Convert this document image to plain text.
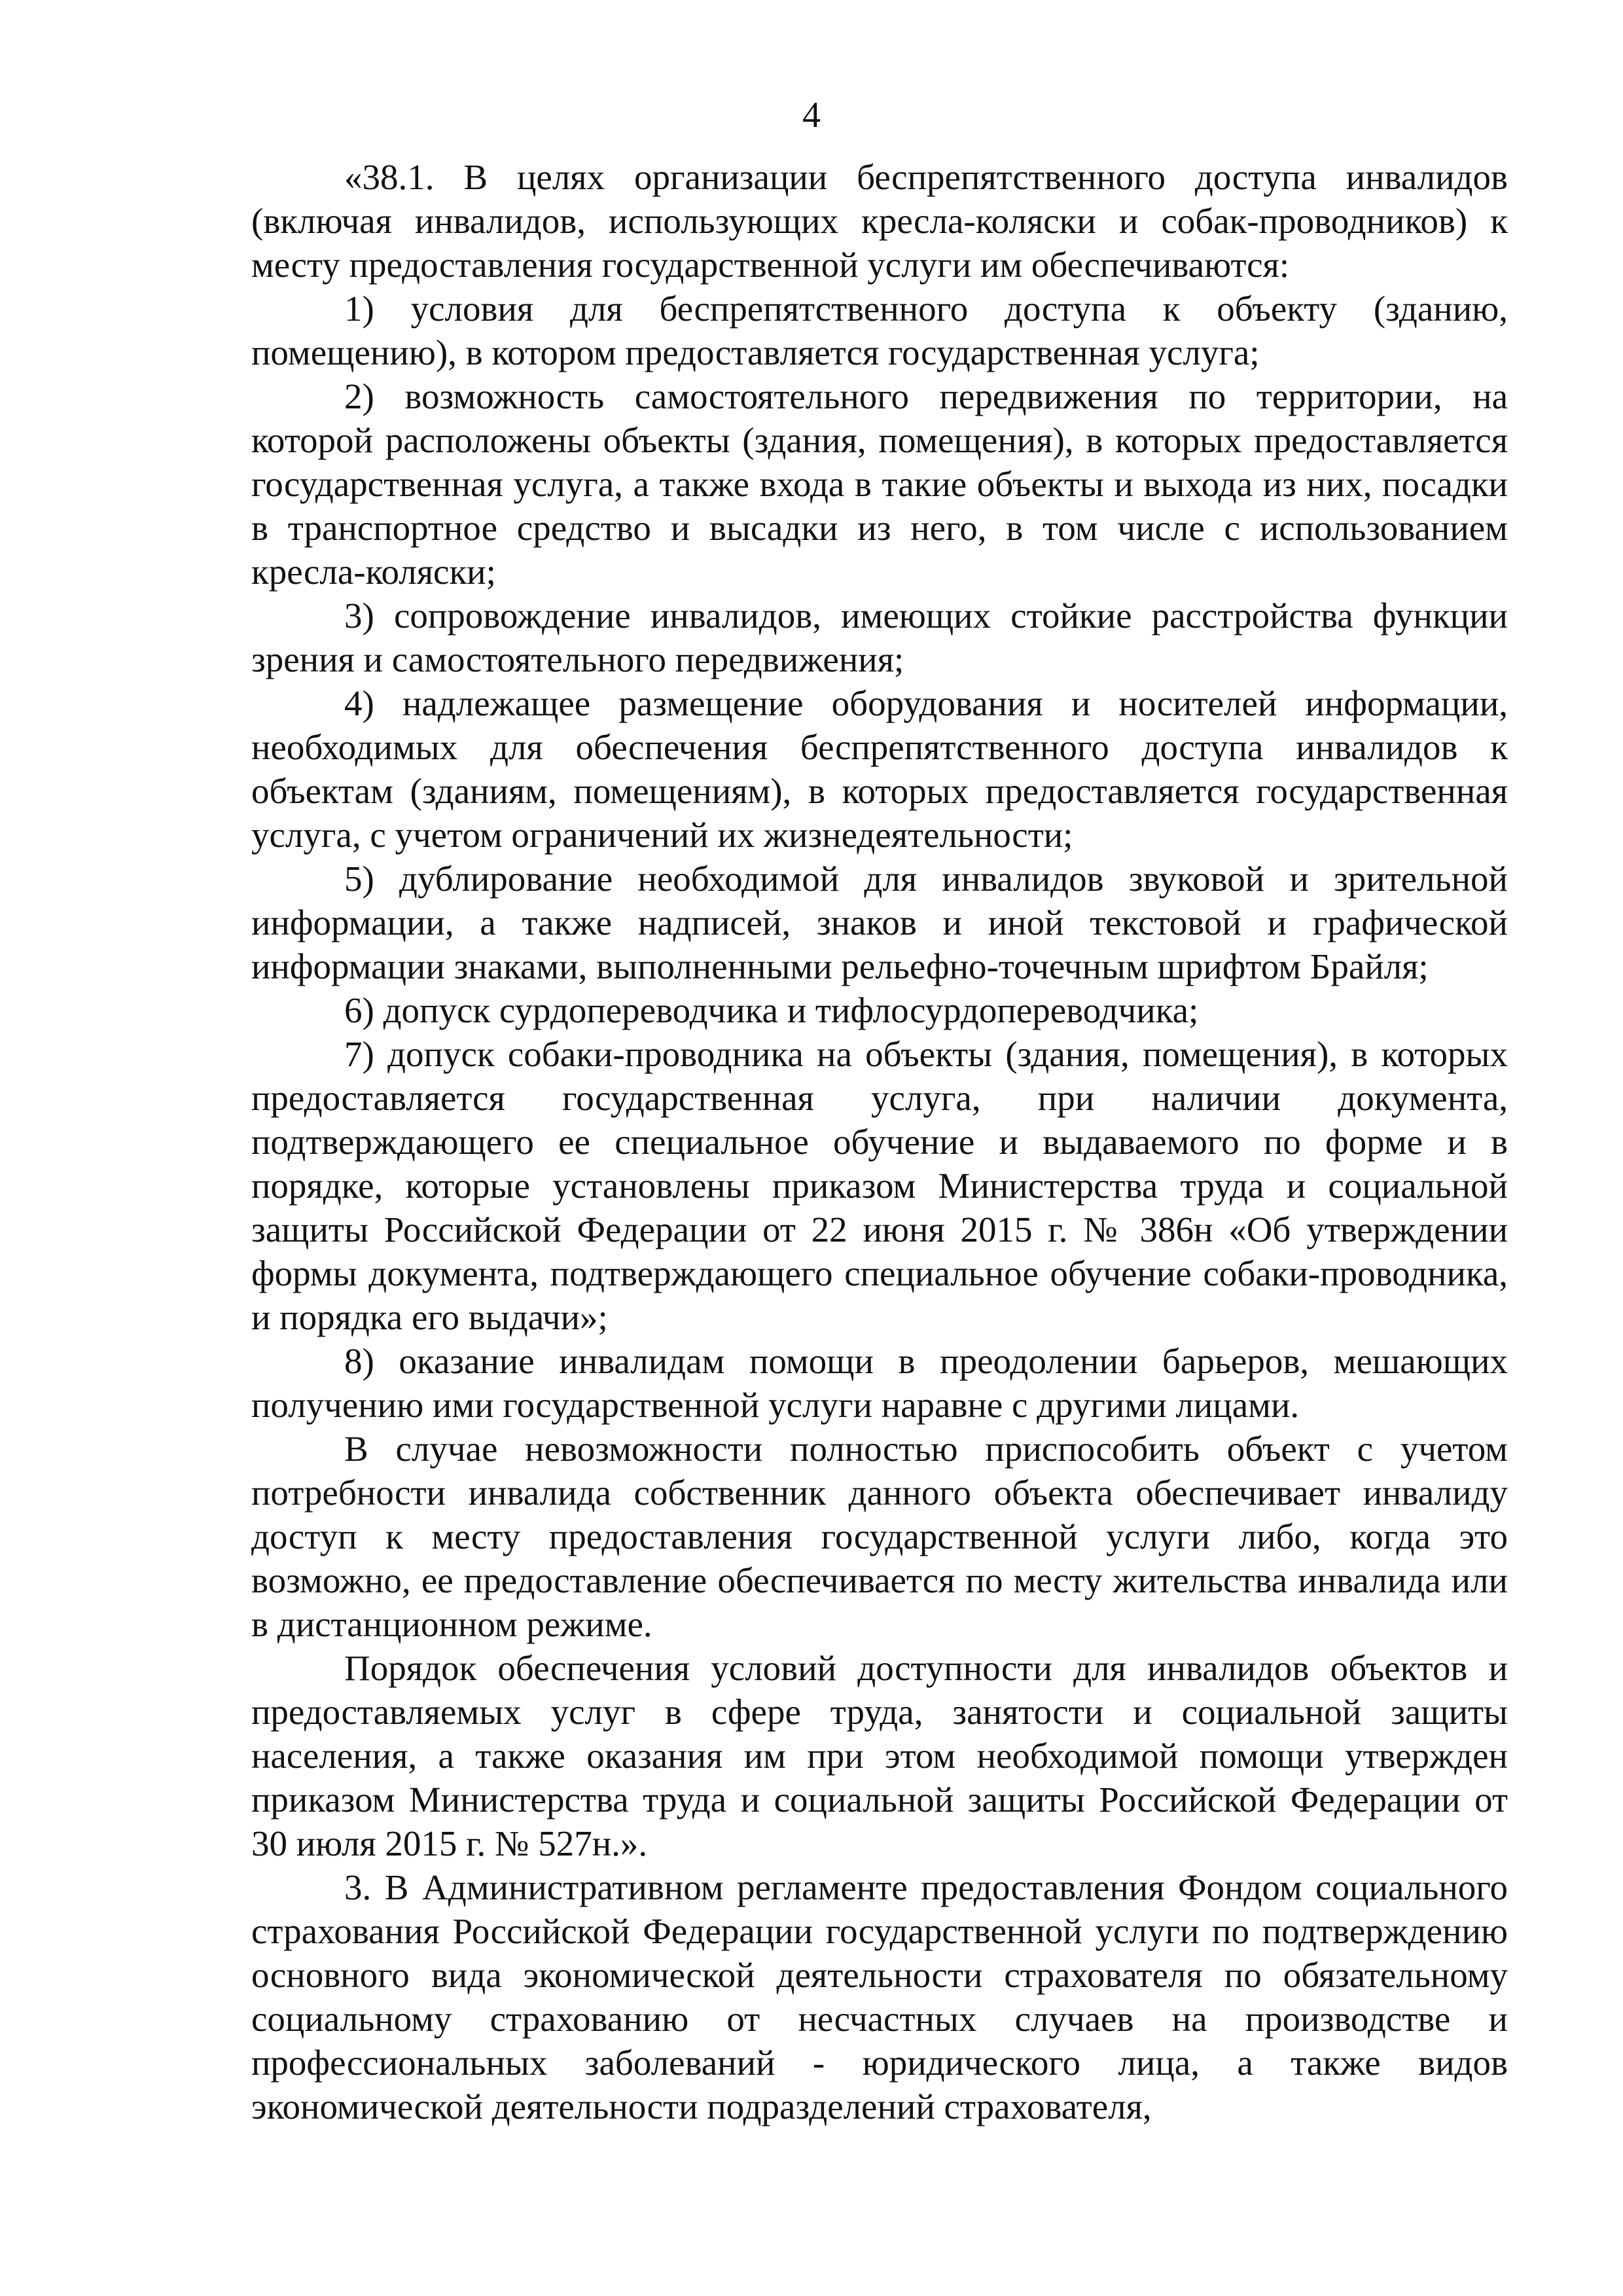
4

«38.1. В целях организации беспрепятственного доступа инвалидов (включая инвалидов, использующих кресла-коляски и собак-проводников) к месту предоставления государственной услуги им обеспечиваются:

1) условия для беспрепятственного доступа к объекту (зданию, помещению), в котором предоставляется государственная услуга;

2) возможность самостоятельного передвижения по территории, на которой расположены объекты (здания, помещения), в которых предоставляется государственная услуга, а также входа в такие объекты и выхода из них, посадки в транспортное средство и высадки из него, в том числе с использованием кресла-коляски;

3) сопровождение инвалидов, имеющих стойкие расстройства функции зрения и самостоятельного передвижения;

4) надлежащее размещение оборудования и носителей информации, необходимых для обеспечения беспрепятственного доступа инвалидов к объектам (зданиям, помещениям), в которых предоставляется государственная услуга, с учетом ограничений их жизнедеятельности;

5) дублирование необходимой для инвалидов звуковой и зрительной информации, а также надписей, знаков и иной текстовой и графической информации знаками, выполненными рельефно-точечным шрифтом Брайля;

6) допуск сурдопереводчика и тифлосурдопереводчика;

7) допуск собаки-проводника на объекты (здания, помещения), в которых предоставляется государственная услуга, при наличии документа, подтверждающего ее специальное обучение и выдаваемого по форме и в порядке, которые установлены приказом Министерства труда и социальной защиты Российской Федерации от 22 июня 2015 г. № 386н «Об утверждении формы документа, подтверждающего специальное обучение собаки-проводника, и порядка его выдачи»;

8) оказание инвалидам помощи в преодолении барьеров, мешающих получению ими государственной услуги наравне с другими лицами.

В случае невозможности полностью приспособить объект с учетом потребности инвалида собственник данного объекта обеспечивает инвалиду доступ к месту предоставления государственной услуги либо, когда это возможно, ее предоставление обеспечивается по месту жительства инвалида или в дистанционном режиме.

Порядок обеспечения условий доступности для инвалидов объектов и предоставляемых услуг в сфере труда, занятости и социальной защиты населения, а также оказания им при этом необходимой помощи утвержден приказом Министерства труда и социальной защиты Российской Федерации от 30 июля 2015 г. № 527н.».

3. В Административном регламенте предоставления Фондом социального страхования Российской Федерации государственной услуги по подтверждению основного вида экономической деятельности страхователя по обязательному социальному страхованию от несчастных случаев на производстве и профессиональных заболеваний - юридического лица, а также видов экономической деятельности подразделений страхователя,
